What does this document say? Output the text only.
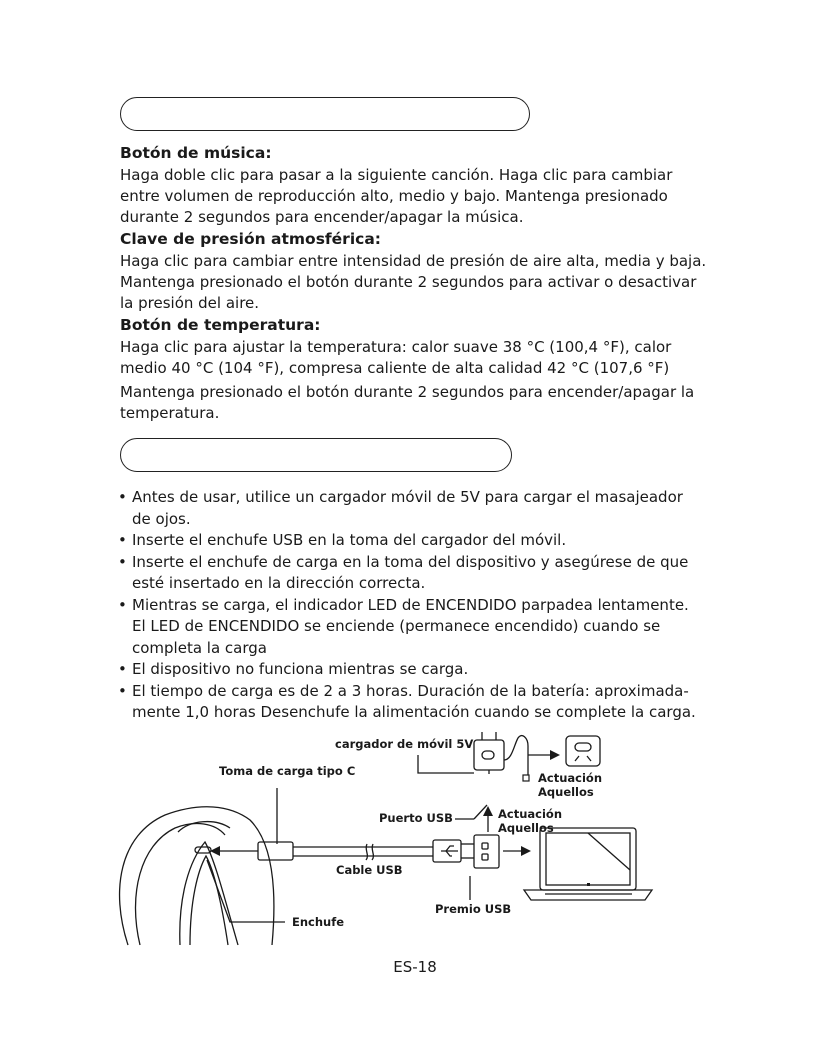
Botón de música:
Haga doble clic para pasar a la siguiente canción. Haga clic para cambiar
entre volumen de reproducción alto, medio y bajo. Mantenga presionado
durante 2 segundos para encender/apagar la música.
Clave de presión atmosférica:
Haga clic para cambiar entre intensidad de presión de aire alta, media y baja.
Mantenga presionado el botón durante 2 segundos para activar o desactivar
la presión del aire.
Botón de temperatura:
Haga clic para ajustar la temperatura: calor suave 38 °C (100,4 °F), calor
medio 40 °C (104 °F), compresa caliente de alta calidad 42 °C (107,6 °F)
Mantenga presionado el botón durante 2 segundos para encender/apagar la
temperatura.
• Antes de usar, utilice un cargador móvil de 5V para cargar el masajeador
de ojos.
• Inserte el enchufe USB en la toma del cargador del móvil.
• Inserte el enchufe de carga en la toma del dispositivo y asegúrese de que
esté insertado en la dirección correcta.
• Mientras se carga, el indicador LED de ENCENDIDO parpadea lentamente.
El LED de ENCENDIDO se enciende (permanece encendido) cuando se
completa la carga
• El dispositivo no funciona mientras se carga.
• El tiempo de carga es de 2 a 3 horas. Duración de la batería: aproximada-
mente 1,0 horas Desenchufe la alimentación cuando se complete la carga.
cargador de móvil 5V
Toma de carga tipo C	Actuación
Aquellos
Puerto USB	Actuación
Aquellos
Cable USB
Premio USB
Enchufe
ES-18
